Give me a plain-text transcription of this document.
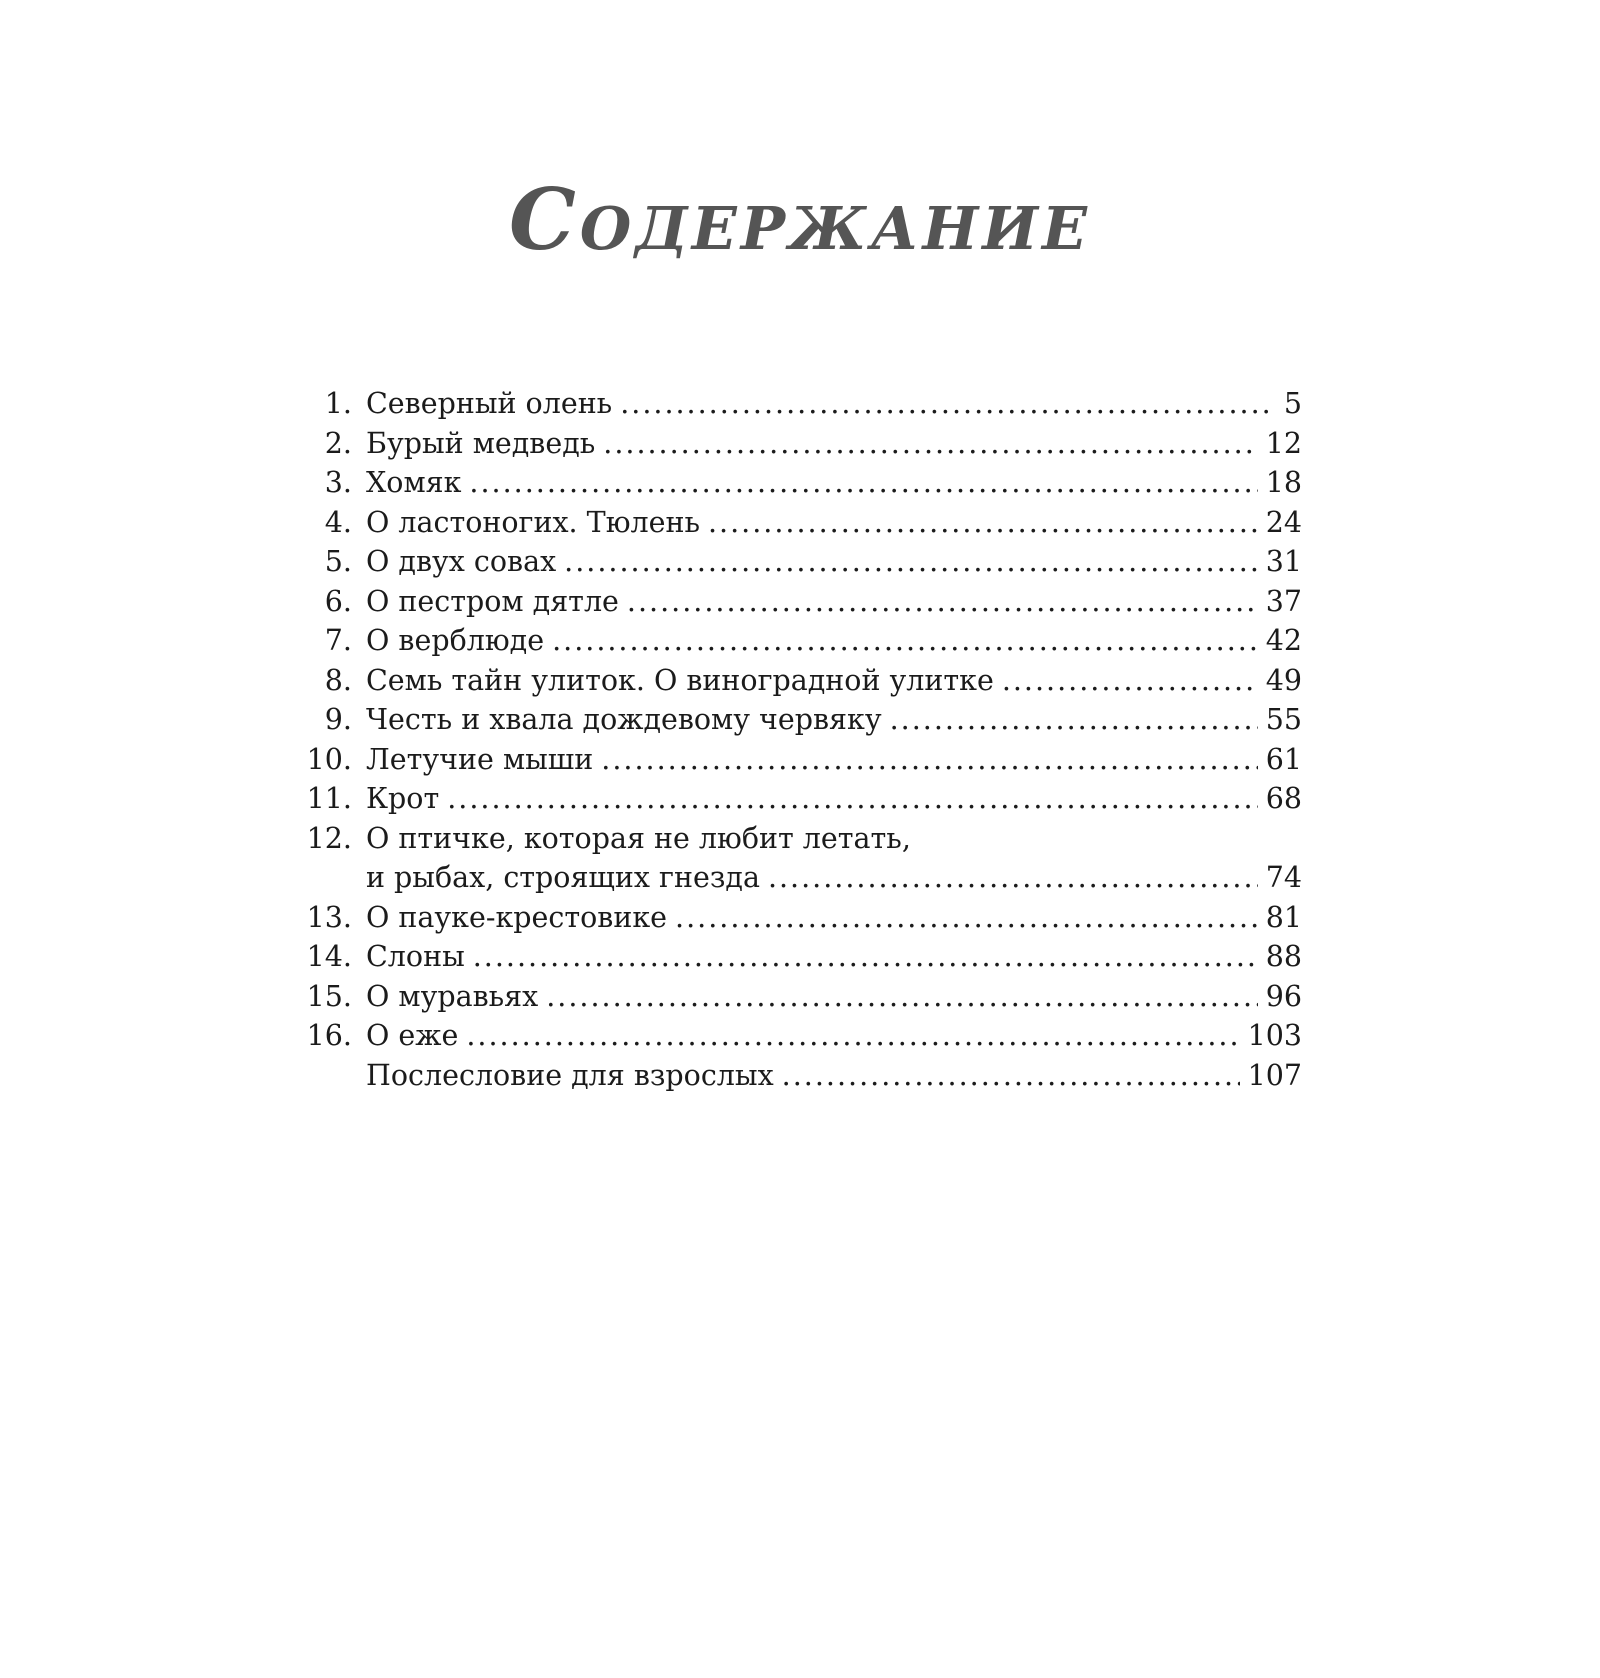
Содержание
1. Северный олень .....	5
2. Бурый медведь .....	12
3. Хомяк .....	18
4. О ластоногих. Тюлень .....	24
5. О двух совах .....	31
6. О пестром дятле .....	37
7. О верблюде .....	42
8. Семь тайн улиток. О виноградной улитке .....	49
9. Честь и хвала дождевому червяку .....	55
10. Летучие мыши .....	61
11. Крот .....	68
12. О птичке, которая не любит летать,
и рыбах, строящих гнезда .....	74
13. О пауке-крестовике .....	81
14. Слоны .....	88
15. О муравьях .....	96
16. О еже .....	103
Послесловие для взрослых .....	107
